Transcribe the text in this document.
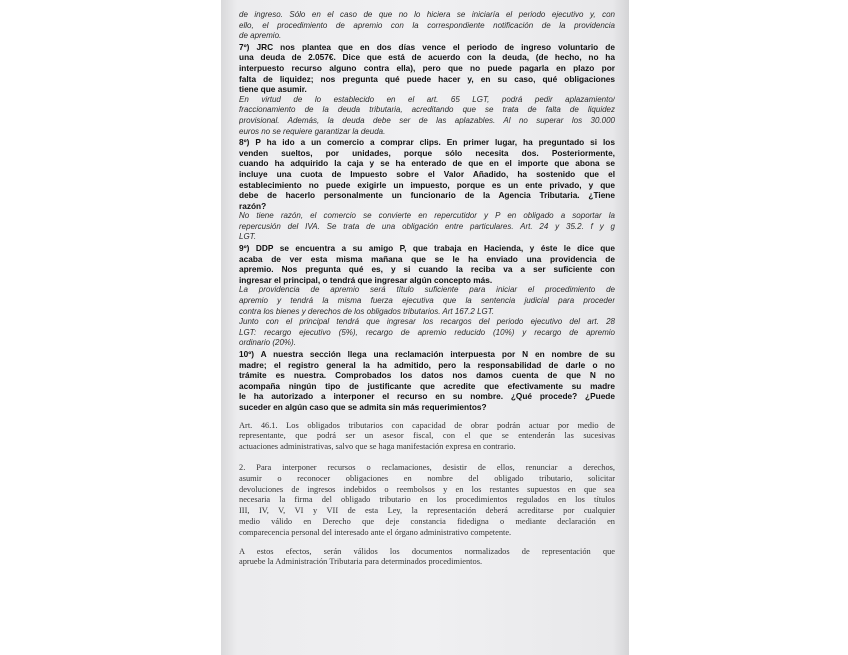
de ingreso. Sólo en el caso de que no lo hiciera se iniciaría el periodo ejecutivo y, con
ello, el procedimiento de apremio con la correspondiente notificación de la providencia
de apremio.
7º) JRC nos plantea que en dos días vence el periodo de ingreso voluntario de
una deuda de 2.057€. Dice que está de acuerdo con la deuda, (de hecho, no ha
interpuesto recurso alguno contra ella), pero que no puede pagarla en plazo por
falta de liquidez; nos pregunta qué puede hacer y, en su caso, qué obligaciones
tiene que asumir.
En virtud de lo establecido en el art. 65 LGT, podrá pedir aplazamiento/
fraccionamiento de la deuda tributaria, acreditando que se trata de falta de liquidez
provisional. Además, la deuda debe ser de las aplazables. Al no superar los 30.000
euros no se requiere garantizar la deuda.
8º) P ha ido a un comercio a comprar clips. En primer lugar, ha preguntado si los
venden sueltos, por unidades, porque sólo necesita dos. Posteriormente,
cuando ha adquirido la caja y se ha enterado de que en el importe que abona se
incluye una cuota de Impuesto sobre el Valor Añadido, ha sostenido que el
establecimiento no puede exigirle un impuesto, porque es un ente privado, y que
debe de hacerlo personalmente un funcionario de la Agencia Tributaria. ¿Tiene
razón?
No tiene razón, el comercio se convierte en repercutidor y P en obligado a soportar la
repercusión del IVA. Se trata de una obligación entre particulares. Art. 24 y 35.2. f y g
LGT.
9º) DDP se encuentra a su amigo P, que trabaja en Hacienda, y éste le dice que
acaba de ver esta misma mañana que se le ha enviado una providencia de
apremio. Nos pregunta qué es, y si cuando la reciba va a ser suficiente con
ingresar el principal, o tendrá que ingresar algún concepto más.
La providencia de apremio será título suficiente para iniciar el procedimiento de
apremio y tendrá la misma fuerza ejecutiva que la sentencia judicial para proceder
contra los bienes y derechos de los obligados tributarios. Art 167.2 LGT.
Junto con el principal tendrá que ingresar los recargos del periodo ejecutivo del art. 28
LGT: recargo ejecutivo (5%), recargo de apremio reducido (10%) y recargo de apremio
ordinario (20%).
10º) A nuestra sección llega una reclamación interpuesta por N en nombre de su
madre; el registro general la ha admitido, pero la responsabilidad de darle o no
trámite es nuestra. Comprobados los datos nos damos cuenta de que N no
acompaña ningún tipo de justificante que acredite que efectivamente su madre
le ha autorizado a interponer el recurso en su nombre. ¿Qué procede? ¿Puede
suceder en algún caso que se admita sin más requerimientos?
Art. 46.1. Los obligados tributarios con capacidad de obrar podrán actuar por medio de
representante, que podrá ser un asesor fiscal, con el que se entenderán las sucesivas
actuaciones administrativas, salvo que se haga manifestación expresa en contrario.
2. Para interponer recursos o reclamaciones, desistir de ellos, renunciar a derechos,
asumir o reconocer obligaciones en nombre del obligado tributario, solicitar
devoluciones de ingresos indebidos o reembolsos y en los restantes supuestos en que sea
necesaria la firma del obligado tributario en los procedimientos regulados en los títulos
III, IV, V, VI y VII de esta Ley, la representación deberá acreditarse por cualquier
medio válido en Derecho que deje constancia fidedigna o mediante declaración en
comparecencia personal del interesado ante el órgano administrativo competente.
A estos efectos, serán válidos los documentos normalizados de representación que
apruebe la Administración Tributaria para determinados procedimientos.
